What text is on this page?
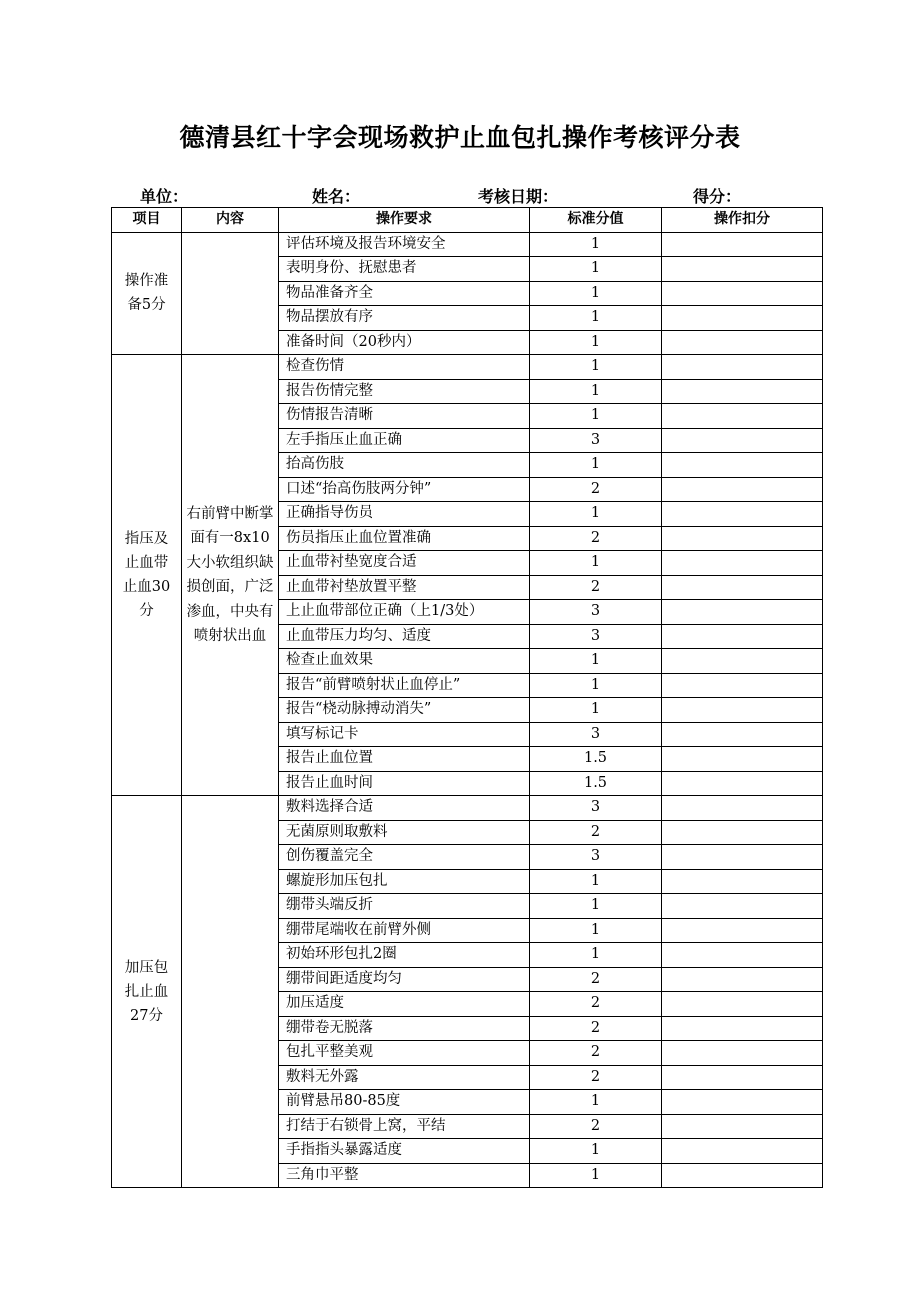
德清县红十字会现场救护止血包扎操作考核评分表
单位：	姓名：	考核日期：	得分：
项目	内容	操作要求	标准分值	操作扣分
操作准备5分		评估环境及报告环境安全	1	
		表明身份、抚慰患者	1	
		物品准备齐全	1	
		物品摆放有序	1	
		准备时间（20秒内）	1	
指压及止血带止血30分	右前臂中断掌面有一8x10大小软组织缺损创面，广泛渗血，中央有喷射状出血	检查伤情	1	
		报告伤情完整	1	
		伤情报告清晰	1	
		左手指压止血正确	3	
		抬高伤肢	1	
		口述“抬高伤肢两分钟”	2	
		正确指导伤员	1	
		伤员指压止血位置准确	2	
		止血带衬垫宽度合适	1	
		止血带衬垫放置平整	2	
		上止血带部位正确（上1/3处）	3	
		止血带压力均匀、适度	3	
		检查止血效果	1	
		报告“前臂喷射状止血停止”	1	
		报告“桡动脉搏动消失”	1	
		填写标记卡	3	
		报告止血位置	1.5	
		报告止血时间	1.5	
加压包扎止血27分		敷料选择合适	3	
		无菌原则取敷料	2	
		创伤覆盖完全	3	
		螺旋形加压包扎	1	
		绷带头端反折	1	
		绷带尾端收在前臂外侧	1	
		初始环形包扎2圈	1	
		绷带间距适度均匀	2	
		加压适度	2	
		绷带卷无脱落	2	
		包扎平整美观	2	
		敷料无外露	2	
		前臂悬吊80-85度	1	
		打结于右锁骨上窝，平结	2	
		手指指头暴露适度	1	
		三角巾平整	1	
